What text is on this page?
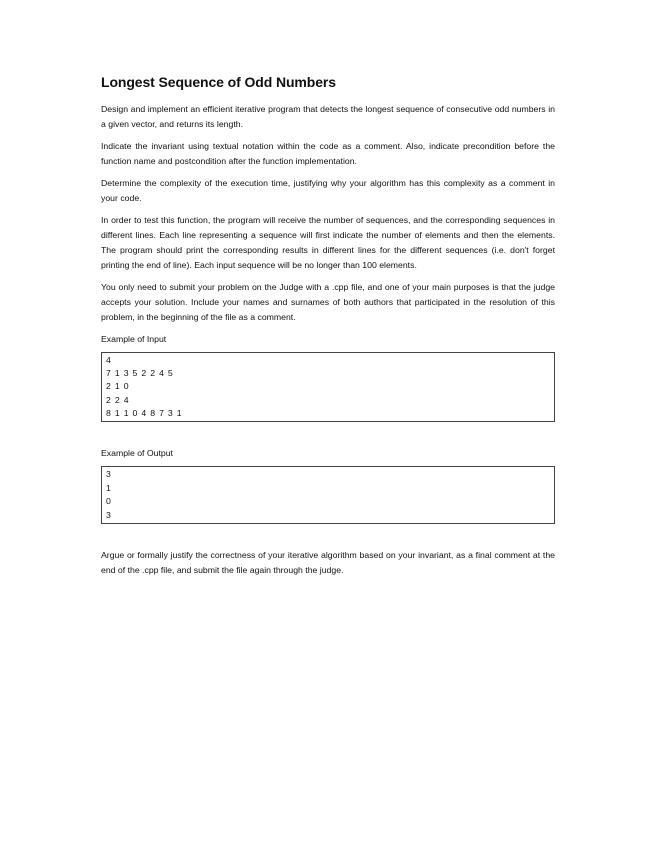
Longest Sequence of Odd Numbers

Design and implement an efficient iterative program that detects the longest sequence of consecutive odd numbers in a given vector, and returns its length.

Indicate the invariant using textual notation within the code as a comment. Also, indicate precondition before the function name and postcondition after the function implementation.

Determine the complexity of the execution time, justifying why your algorithm has this complexity as a comment in your code.

In order to test this function, the program will receive the number of sequences, and the corresponding sequences in different lines. Each line representing a sequence will first indicate the number of elements and then the elements. The program should print the corresponding results in different lines for the different sequences (i.e. don't forget printing the end of line). Each input sequence will be no longer than 100 elements.

You only need to submit your problem on the Judge with a .cpp file, and one of your main purposes is that the judge accepts your solution. Include your names and surnames of both authors that participated in the resolution of this problem, in the beginning of the file as a comment.

Example of Input
4
7 1 3 5 2 2 4 5
2 1 0
2 2 4
8 1 1 0 4 8 7 3 1
Example of Output
3
1
0
3

Argue or formally justify the correctness of your iterative algorithm based on your invariant, as a final comment at the end of the .cpp file, and submit the file again through the judge.
